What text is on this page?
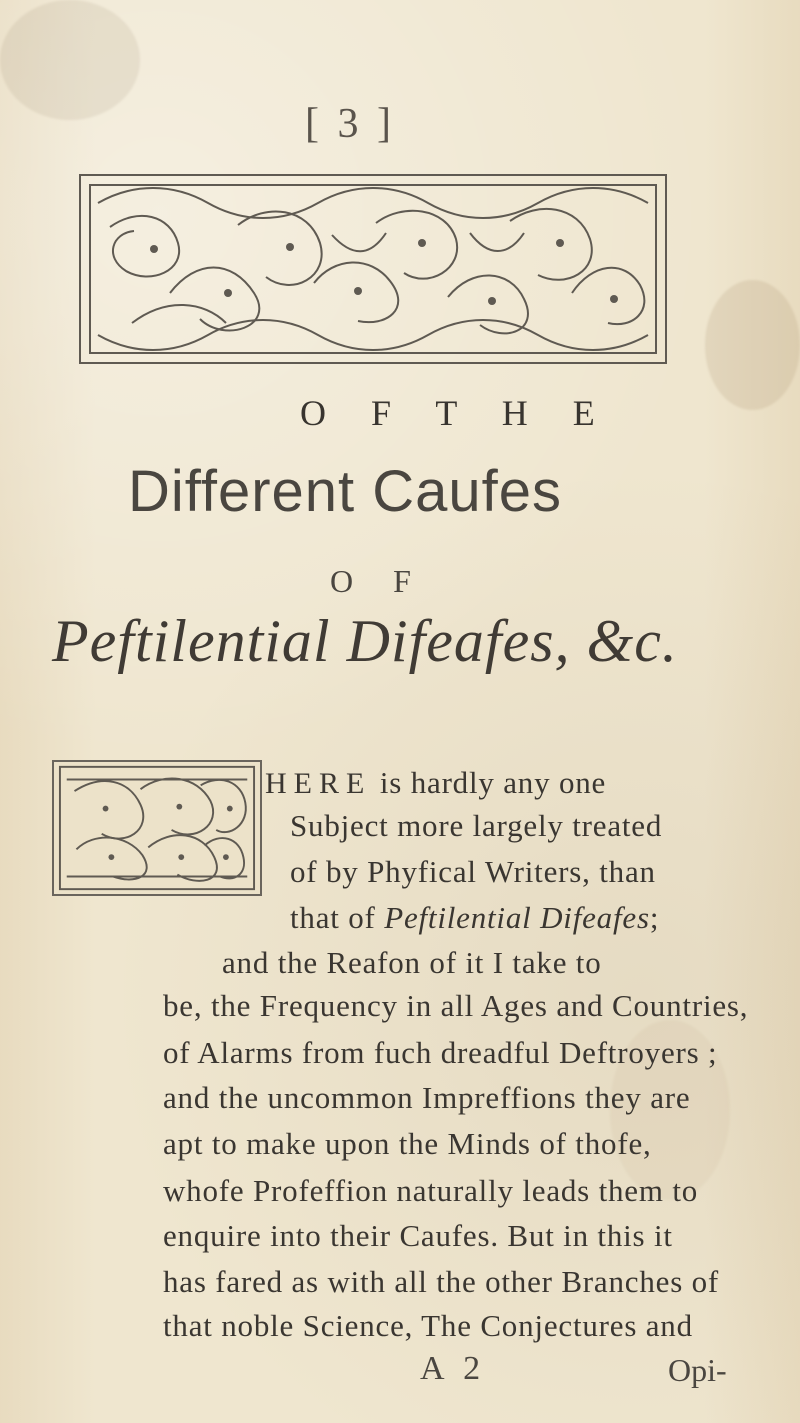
[ 3 ]
O F T H E
Different Caufes
O F
Peftilential Difeafes, &c.
HERE is hardly any one
Subject more largely treated
of by Phyfical Writers, than
that of Peftilential Difeafes;
and the Reafon of it I take to
be, the Frequency in all Ages and Countries,
of Alarms from fuch dreadful Deftroyers ;
and the uncommon Impreffions they are
apt to make upon the Minds of thofe,
whofe Profeffion naturally leads them to
enquire into their Caufes. But in this it
has fared as with all the other Branches of
that noble Science, The Conjectures and
A 2	Opi-
